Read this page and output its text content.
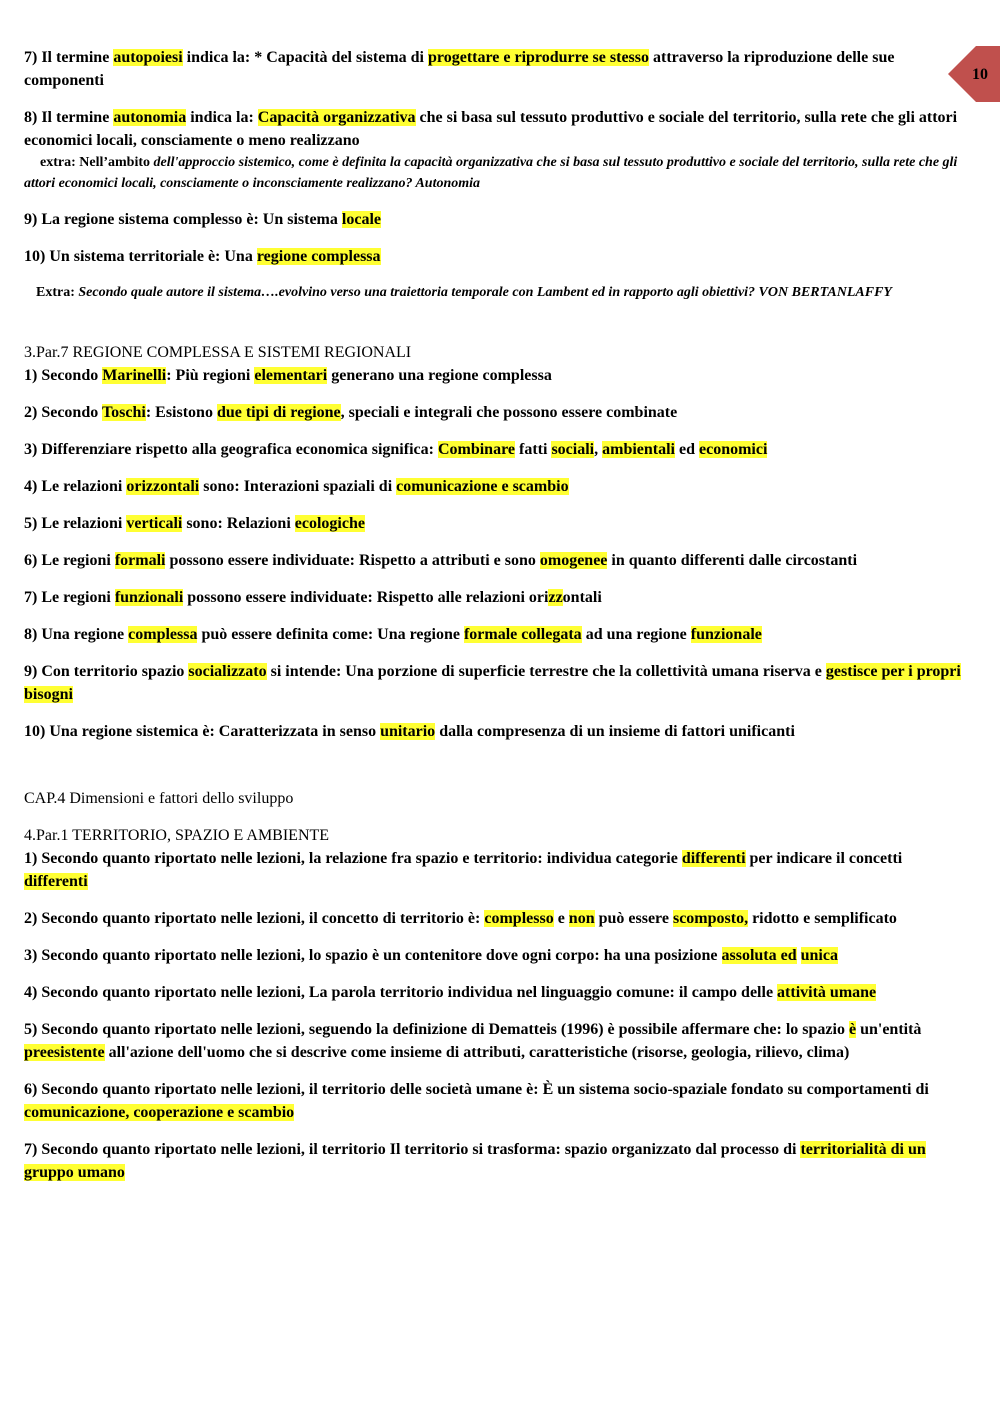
10

7) Il termine autopoiesi indica la: * Capacità del sistema di progettare e riprodurre se stesso attraverso la riproduzione delle sue componenti

8) Il termine autonomia indica la: Capacità organizzativa che si basa sul tessuto produttivo e sociale del territorio, sulla rete che gli attori economici locali, consciamente o meno realizzano

extra: Nell’ambito dell'approccio sistemico, come è definita la capacità organizzativa che si basa sul tessuto produttivo e sociale del territorio, sulla rete che gli attori economici locali, consciamente o inconsciamente realizzano? Autonomia

9) La regione sistema complesso è: Un sistema locale

10) Un sistema territoriale è: Una regione complessa

Extra: Secondo quale autore il sistema….evolvino verso una traiettoria temporale con Lambent ed in rapporto agli obiettivi? VON BERTANLAFFY

3.Par.7 REGIONE COMPLESSA E SISTEMI REGIONALI

1) Secondo Marinelli: Più regioni elementari generano una regione complessa

2) Secondo Toschi: Esistono due tipi di regione, speciali e integrali che possono essere combinate

3) Differenziare rispetto alla geografica economica significa: Combinare fatti sociali, ambientali ed economici

4) Le relazioni orizzontali sono: Interazioni spaziali di comunicazione e scambio

5) Le relazioni verticali sono: Relazioni ecologiche

6) Le regioni formali possono essere individuate: Rispetto a attributi e sono omogenee in quanto differenti dalle circostanti

7) Le regioni funzionali possono essere individuate: Rispetto alle relazioni orizzontali

8) Una regione complessa può essere definita come: Una regione formale collegata ad una regione funzionale

9) Con territorio spazio socializzato si intende: Una porzione di superficie terrestre che la collettività umana riserva e gestisce per i propri bisogni

10) Una regione sistemica è: Caratterizzata in senso unitario dalla compresenza di un insieme di fattori unificanti

CAP.4 Dimensioni e fattori dello sviluppo

4.Par.1 TERRITORIO, SPAZIO E AMBIENTE

1) Secondo quanto riportato nelle lezioni, la relazione fra spazio e territorio: individua categorie differenti per indicare il concetti differenti

2) Secondo quanto riportato nelle lezioni, il concetto di territorio è: complesso e non può essere scomposto, ridotto e semplificato

3) Secondo quanto riportato nelle lezioni, lo spazio è un contenitore dove ogni corpo: ha una posizione assoluta ed unica

4) Secondo quanto riportato nelle lezioni, La parola territorio individua nel linguaggio comune: il campo delle attività umane

5) Secondo quanto riportato nelle lezioni, seguendo la definizione di Dematteis (1996) è possibile affermare che: lo spazio è un'entità preesistente all'azione dell'uomo che si descrive come insieme di attributi, caratteristiche (risorse, geologia, rilievo, clima)

6) Secondo quanto riportato nelle lezioni, il territorio delle società umane è: È un sistema socio-spaziale fondato su comportamenti di comunicazione, cooperazione e scambio

7) Secondo quanto riportato nelle lezioni, il territorio Il territorio si trasforma: spazio organizzato dal processo di territorialità di un gruppo umano
